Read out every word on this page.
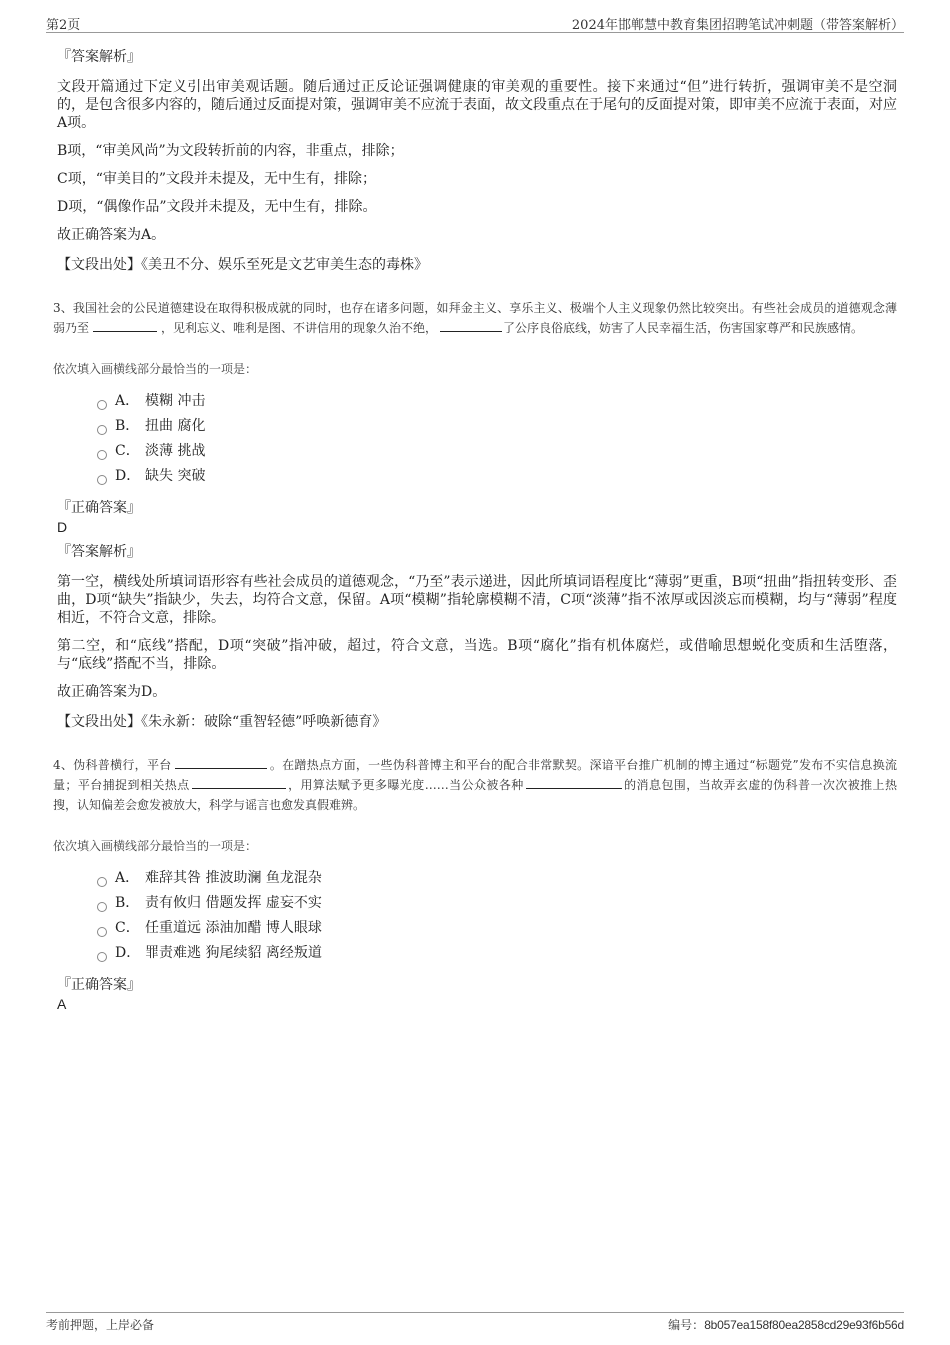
第2页	2024年邯郸慧中教育集团招聘笔试冲刺题（带答案解析）
『答案解析』

文段开篇通过下定义引出审美观话题。随后通过正反论证强调健康的审美观的重要性。接下来通过“但”进行转折，强调审美不是空洞的，是包含很多内容的，随后通过反面提对策，强调审美不应流于表面，故文段重点在于尾句的反面提对策，即审美不应流于表面，对应A项。

B项，“审美风尚”为文段转折前的内容，非重点，排除；

C项，“审美目的”文段并未提及，无中生有，排除；

D项，“偶像作品”文段并未提及，无中生有，排除。

故正确答案为A。

【文段出处】《美丑不分、娱乐至死是文艺审美生态的毒株》

3、我国社会的公民道德建设在取得积极成就的同时，也存在诸多问题，如拜金主义、享乐主义、极端个人主义现象仍然比较突出。有些社会成员的道德观念薄弱乃至	，见利忘义、唯利是图、不讲信用的现象久治不绝，	了公序良俗底线，妨害了人民幸福生活，伤害国家尊严和民族感情。

依次填入画横线部分最恰当的一项是：
A． 模糊 冲击
B． 扭曲 腐化
C． 淡薄 挑战
D． 缺失 突破
『正确答案』
D
『答案解析』

第一空，横线处所填词语形容有些社会成员的道德观念，“乃至”表示递进，因此所填词语程度比“薄弱”更重，B项“扭曲”指扭转变形、歪曲，D项“缺失”指缺少，失去，均符合文意，保留。A项“模糊”指轮廓模糊不清，C项“淡薄”指不浓厚或因淡忘而模糊，均与“薄弱”程度相近，不符合文意，排除。

第二空，和“底线”搭配，D项“突破”指冲破，超过，符合文意，当选。B项“腐化”指有机体腐烂，或借喻思想蜕化变质和生活堕落，与“底线”搭配不当，排除。

故正确答案为D。

【文段出处】《朱永新：破除“重智轻德”呼唤新德育》

4、伪科普横行，平台	。在蹭热点方面，一些伪科普博主和平台的配合非常默契。深谙平台推广机制的博主通过“标题党”发布不实信息换流量；平台捕捉到相关热点	，用算法赋予更多曝光度……当公众被各种	的消息包围，当故弄玄虚的伪科普一次次被推上热搜，认知偏差会愈发被放大，科学与谣言也愈发真假难辨。

依次填入画横线部分最恰当的一项是：
A． 难辞其咎 推波助澜 鱼龙混杂
B． 责有攸归 借题发挥 虚妄不实
C． 任重道远 添油加醋 博人眼球
D． 罪责难逃 狗尾续貂 离经叛道
『正确答案』
A
考前押题，上岸必备	编号：8b057ea158f80ea2858cd29e93f6b56d
